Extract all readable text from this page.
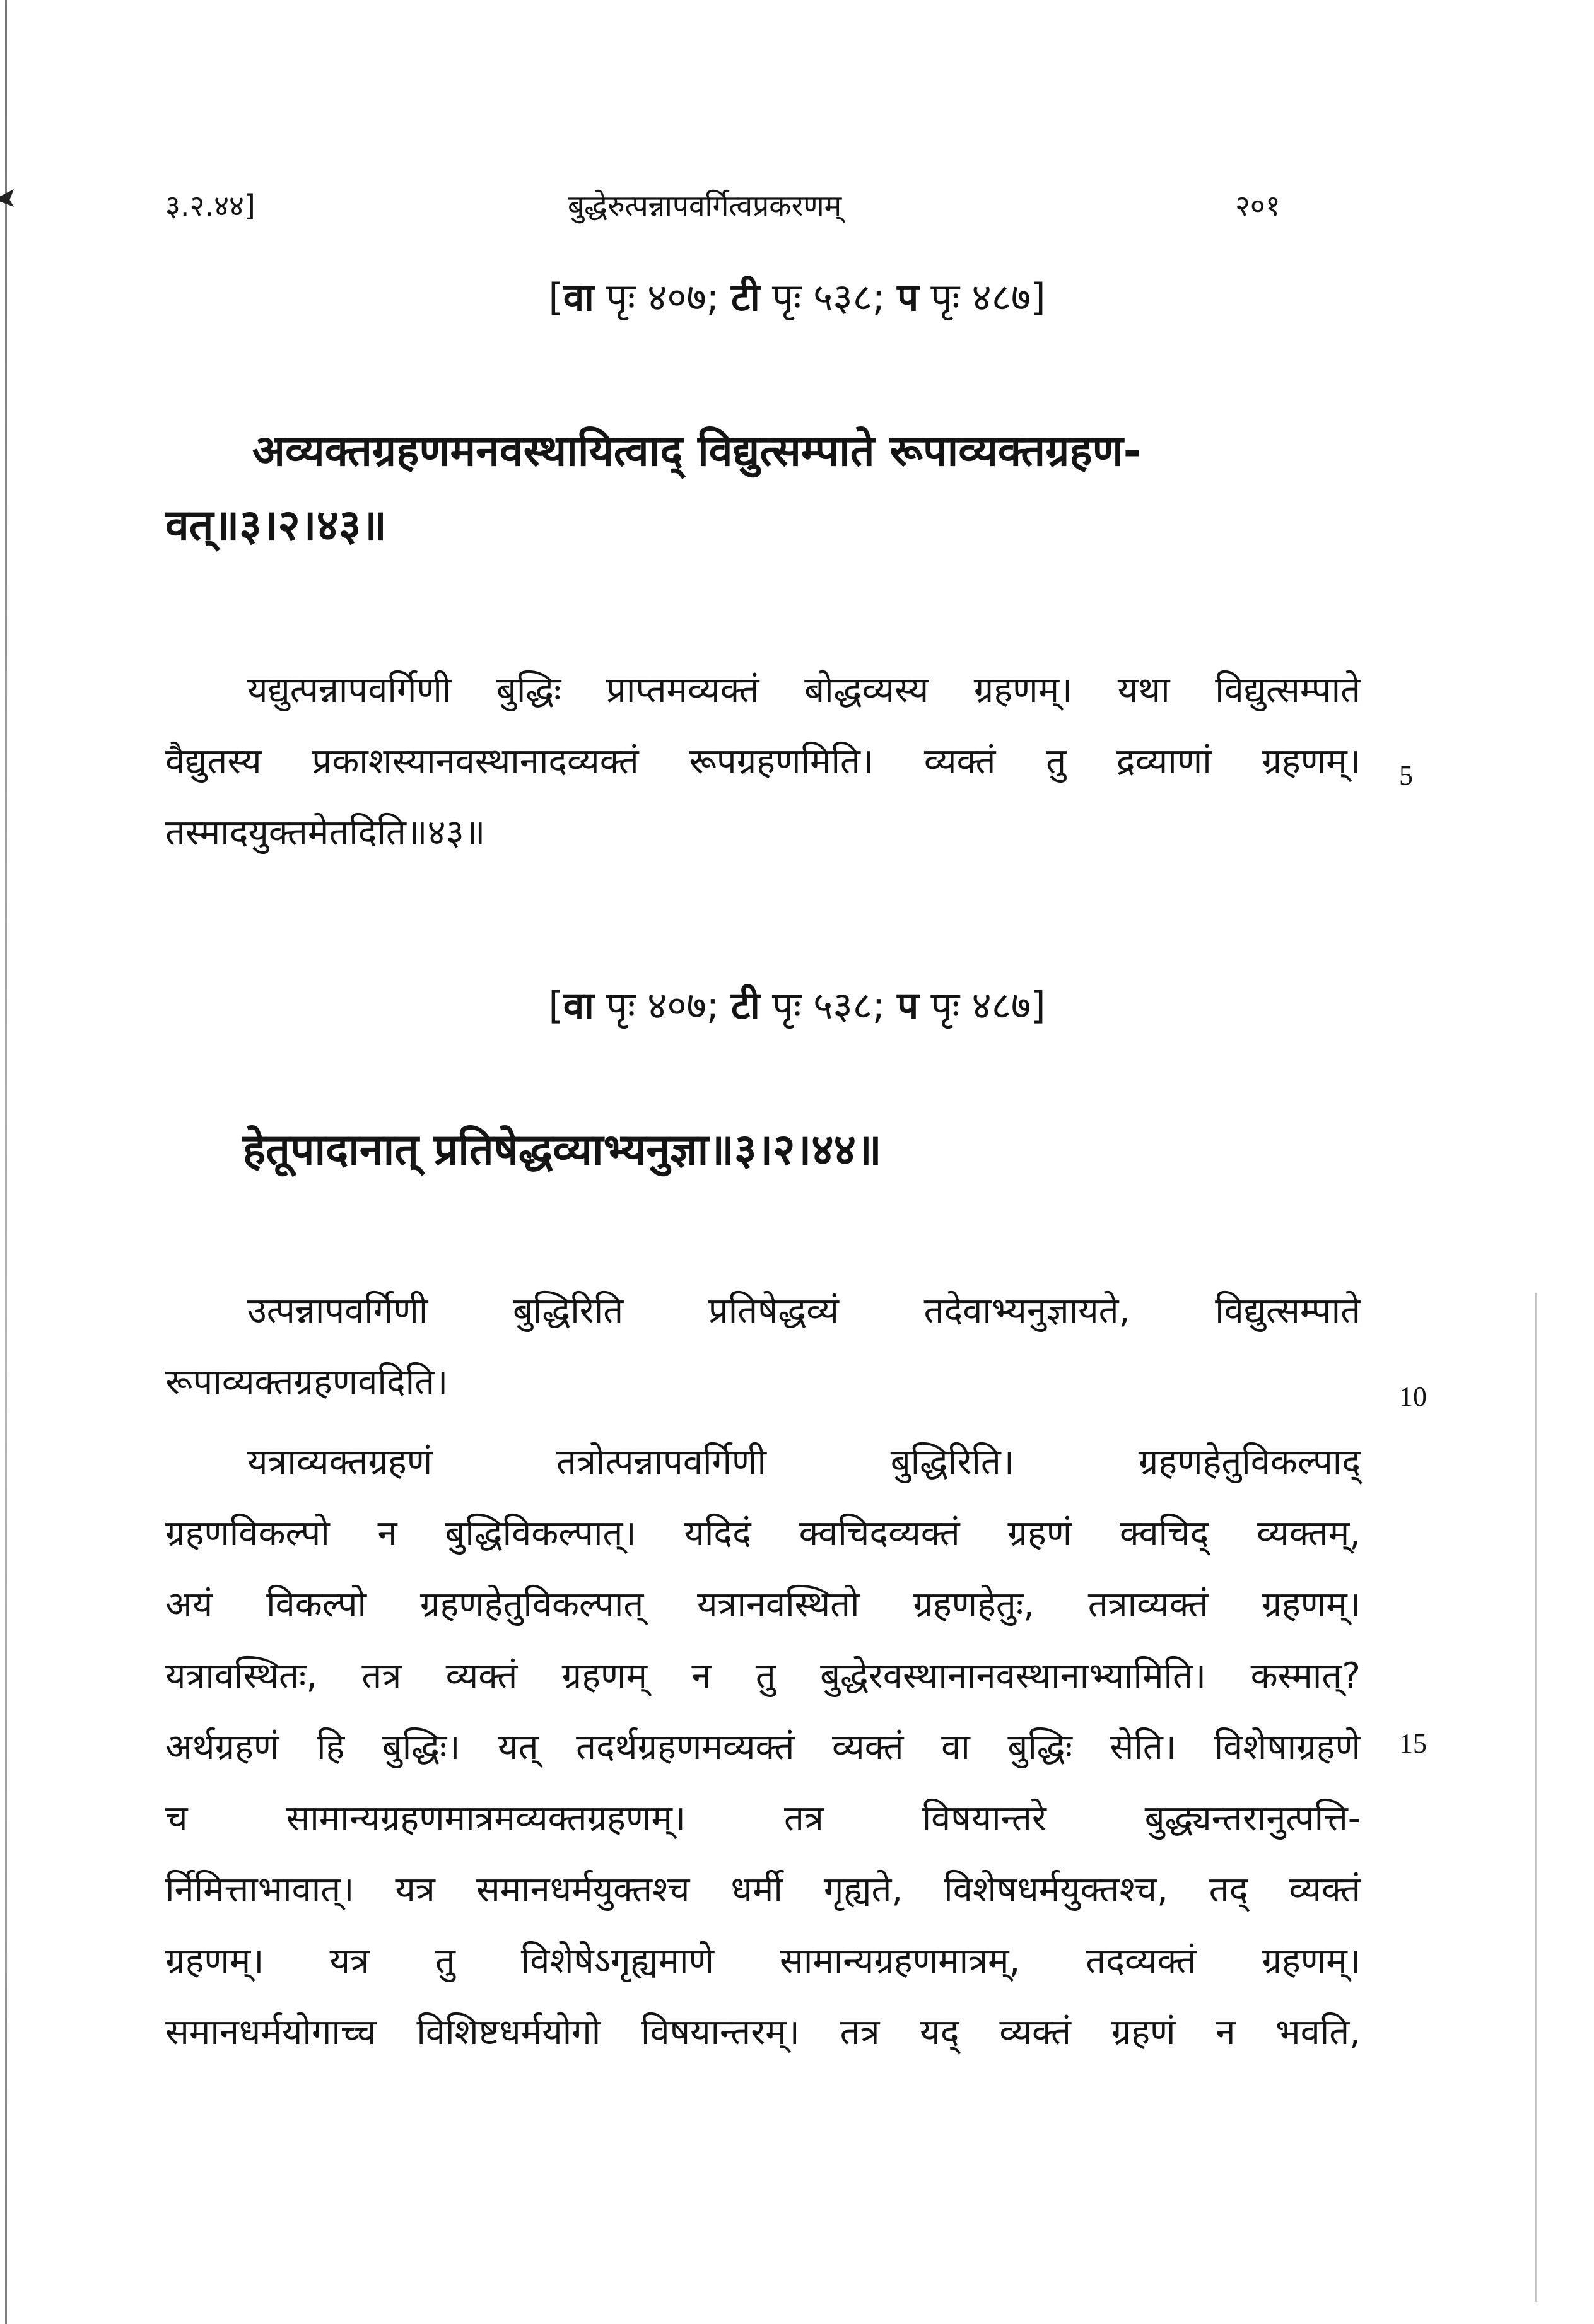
३.२.४४]	बुद्धेरुत्पन्नापवर्गित्वप्रकरणम्	२०१
[वा पृः ४०७; टी पृः ५३८; प पृः ४८७]
अव्यक्तग्रहणमनवस्थायित्वाद् विद्युत्सम्पाते रूपाव्यक्तग्रहण-
वत्॥३।२।४३॥
यद्युत्पन्नापवर्गिणी बुद्धिः प्राप्तमव्यक्तं बोद्धव्यस्य ग्रहणम्। यथा विद्युत्सम्पाते
वैद्युतस्य प्रकाशस्यानवस्थानादव्यक्तं रूपग्रहणमिति। व्यक्तं तु द्रव्याणां ग्रहणम्।
तस्मादयुक्तमेतदिति॥४३॥
5
[वा पृः ४०७; टी पृः ५३८; प पृः ४८७]
हेतूपादानात् प्रतिषेद्धव्याभ्यनुज्ञा॥३।२।४४॥
उत्पन्नापवर्गिणी बुद्धिरिति प्रतिषेद्धव्यं तदेवाभ्यनुज्ञायते, विद्युत्सम्पाते
रूपाव्यक्तग्रहणवदिति।	10
यत्राव्यक्तग्रहणं तत्रोत्पन्नापवर्गिणी बुद्धिरिति। ग्रहणहेतुविकल्पाद्
ग्रहणविकल्पो न बुद्धिविकल्पात्। यदिदं क्वचिदव्यक्तं ग्रहणं क्वचिद् व्यक्तम्,
अयं विकल्पो ग्रहणहेतुविकल्पात् यत्रानवस्थितो ग्रहणहेतुः, तत्राव्यक्तं ग्रहणम्।
यत्रावस्थितः, तत्र व्यक्तं ग्रहणम् न तु बुद्धेरवस्थानानवस्थानाभ्यामिति। कस्मात्?
अर्थग्रहणं हि बुद्धिः। यत् तदर्थग्रहणमव्यक्तं व्यक्तं वा बुद्धिः सेति। विशेषाग्रहणे
च सामान्यग्रहणमात्रमव्यक्तग्रहणम्। तत्र विषयान्तरे बुद्ध्यन्तरानुत्पत्ति-
र्निमित्ताभावात्। यत्र समानधर्मयुक्तश्च धर्मी गृह्यते, विशेषधर्मयुक्तश्च, तद् व्यक्तं
ग्रहणम्। यत्र तु विशेषेऽगृह्यमाणे सामान्यग्रहणमात्रम्, तदव्यक्तं ग्रहणम्।
समानधर्मयोगाच्च विशिष्टधर्मयोगो विषयान्तरम्। तत्र यद् व्यक्तं ग्रहणं न भवति,
15
